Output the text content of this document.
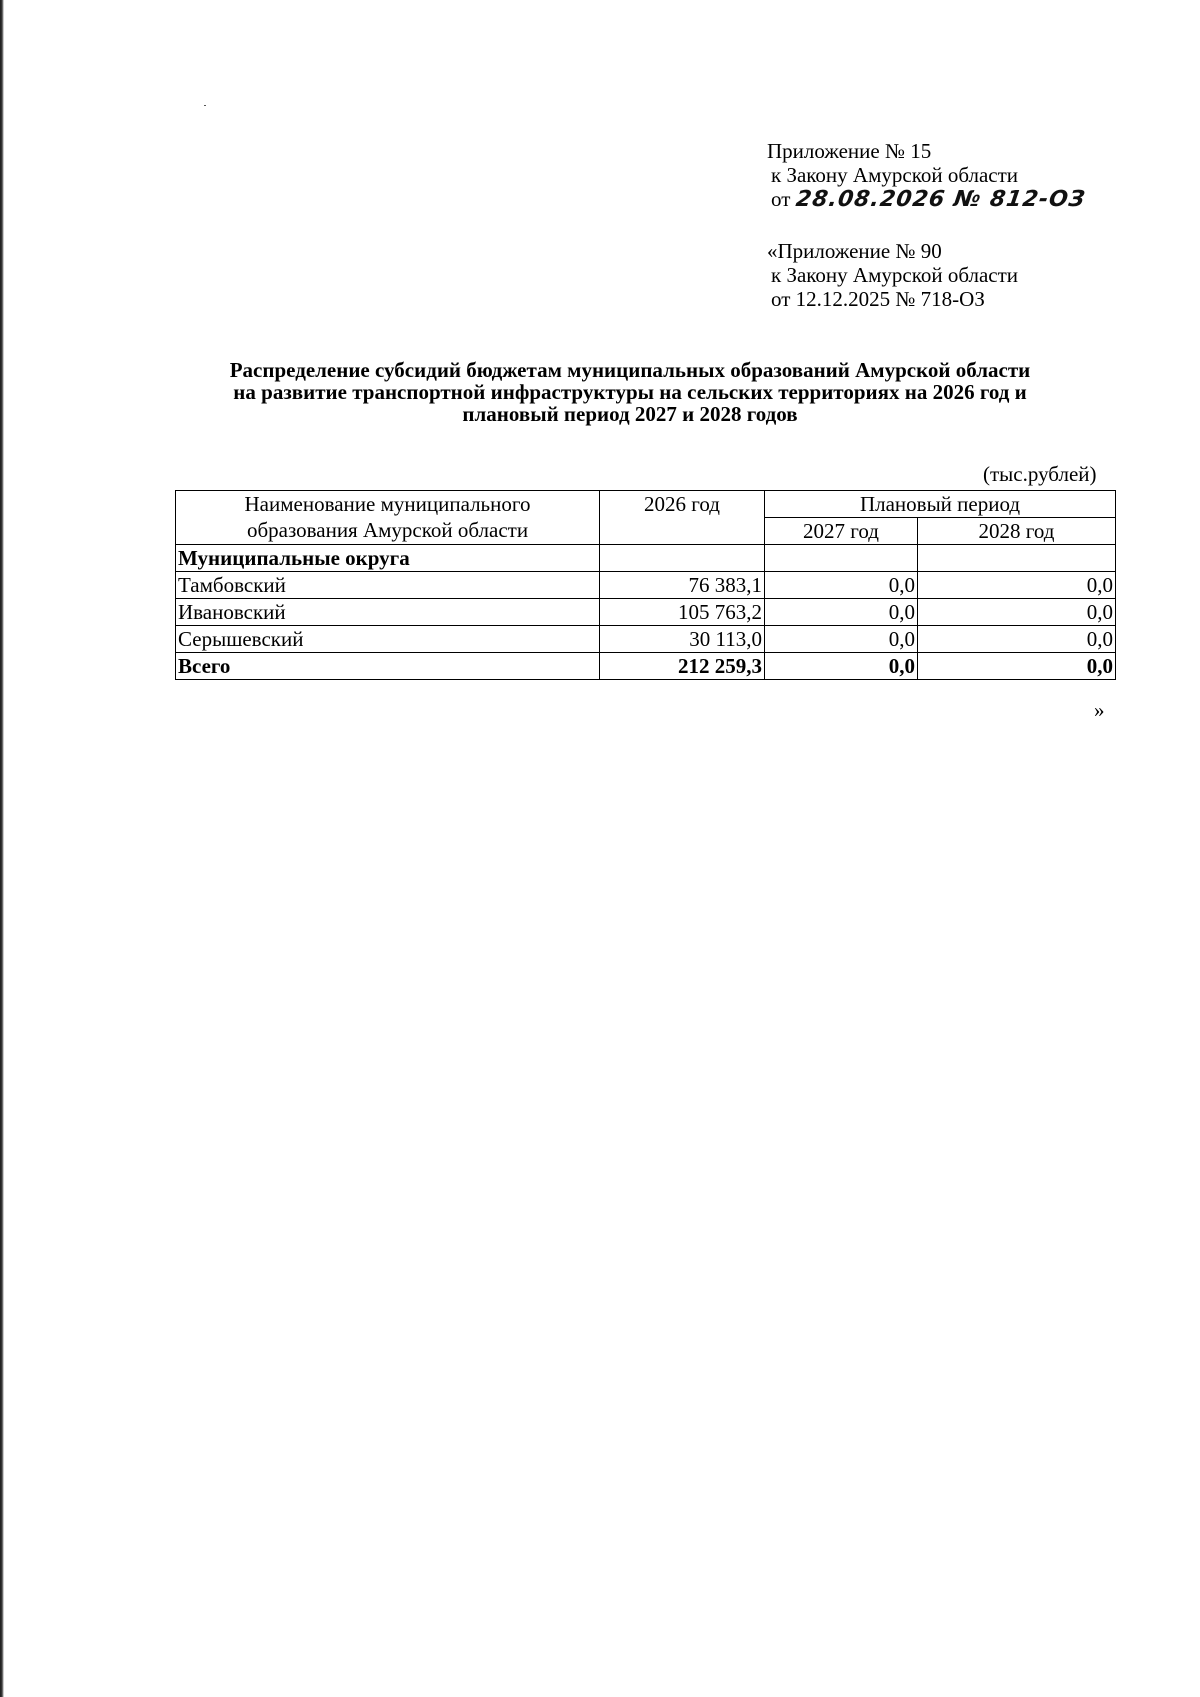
Приложение № 15
к Закону Амурской области
от 28.08.2026 № 812-ОЗ
«Приложение № 90
к Закону Амурской области
от 12.12.2025 № 718-ОЗ
Распределение субсидий бюджетам муниципальных образований Амурской области
на развитие транспортной инфраструктуры на сельских территориях на 2026 год и
плановый период 2027 и 2028 годов
(тыс.рублей)
Наименование муниципального
образования Амурской области	2026 год	Плановый период	
		2027 год	2028 год
Муниципальные округа			
Тамбовский	76 383,1	0,0	0,0
Ивановский	105 763,2	0,0	0,0
Серышевский	30 113,0	0,0	0,0
Всего	212 259,3	0,0	0,0
»
